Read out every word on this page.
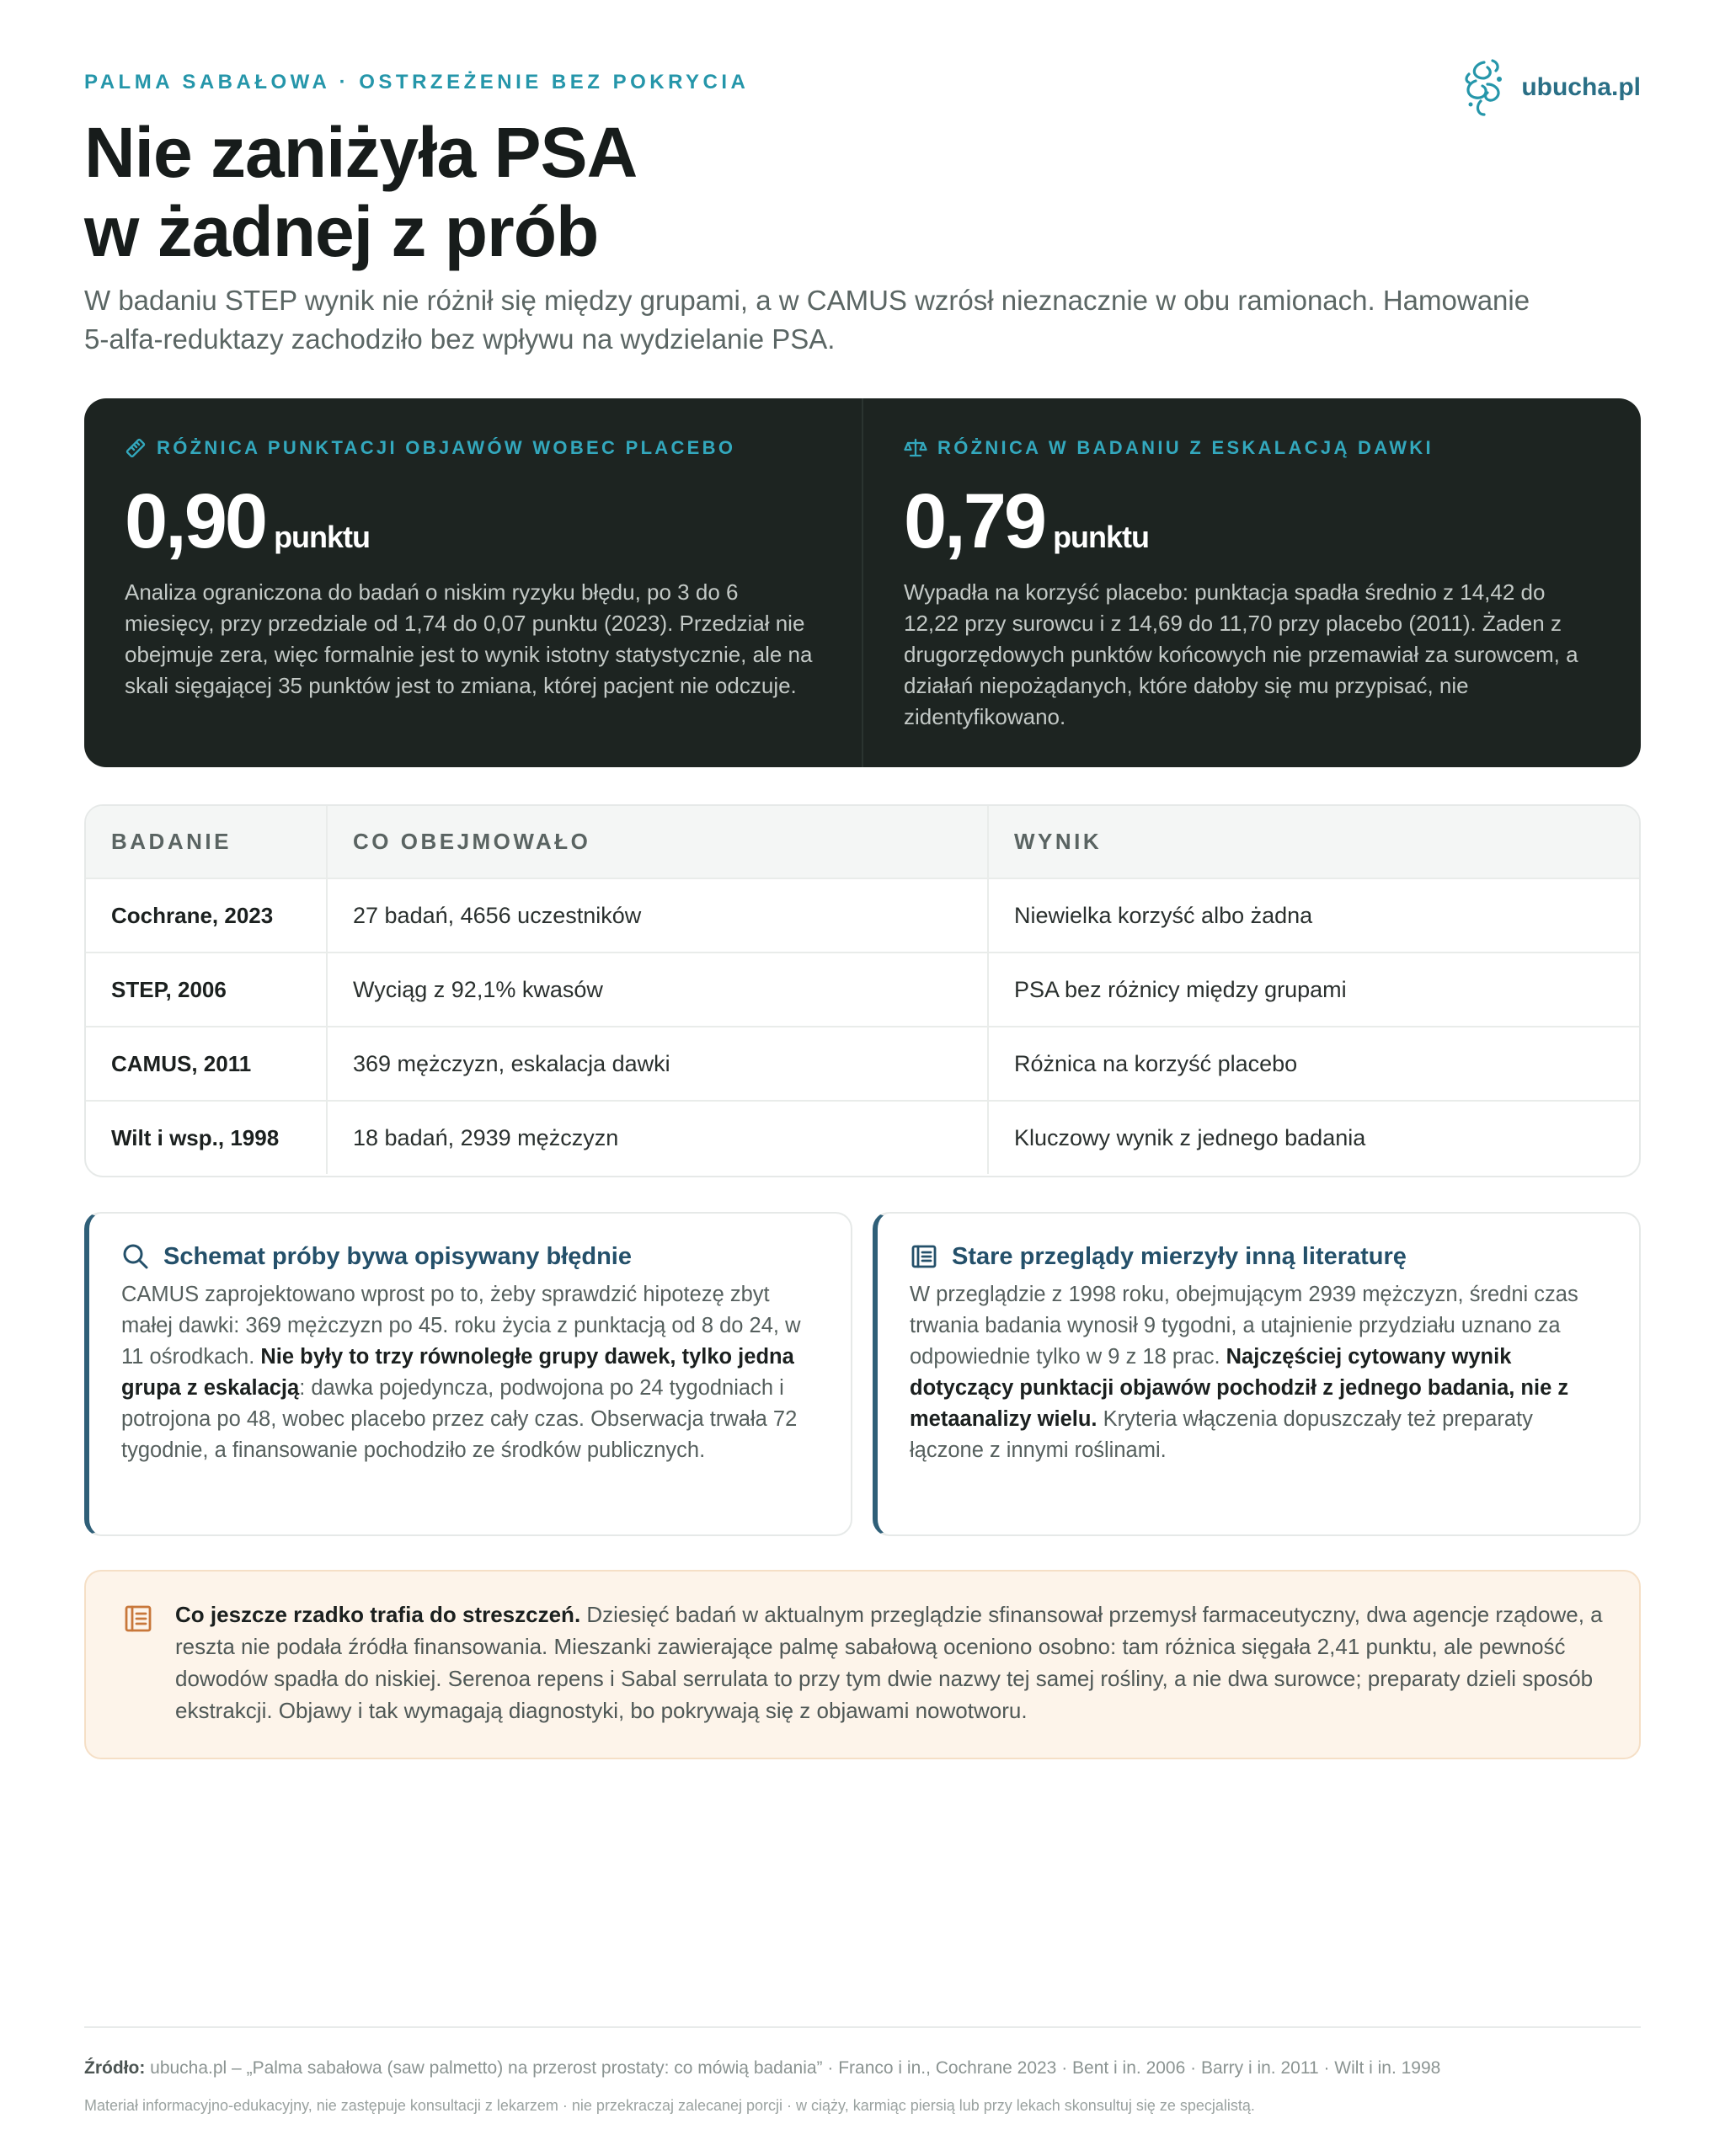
PALMA SABAŁOWA · OSTRZEŻENIE BEZ POKRYCIA	ubucha.pl
Nie zaniżyła PSA
w żadnej z prób

W badaniu STEP wynik nie różnił się między grupami, a w CAMUS wzrósł nieznacznie w obu ramionach. Hamowanie 5‑alfa‑reduktazy zachodziło bez wpływu na wydzielanie PSA.

RÓŻNICA PUNKTACJI OBJAWÓW WOBEC PLACEBO
0,90 punktu

Analiza ograniczona do badań o niskim ryzyku błędu, po 3 do 6 miesięcy, przy przedziale od 1,74 do 0,07 punktu (2023). Przedział nie obejmuje zera, więc formalnie jest to wynik istotny statystycznie, ale na skali sięgającej 35 punktów jest to zmiana, której pacjent nie odczuje.

RÓŻNICA W BADANIU Z ESKALACJĄ DAWKI
0,79 punktu

Wypadła na korzyść placebo: punktacja spadła średnio z 14,42 do 12,22 przy surowcu i z 14,69 do 11,70 przy placebo (2011). Żaden z drugorzędowych punktów końcowych nie przemawiał za surowcem, a działań niepożądanych, które dałoby się mu przypisać, nie zidentyfikowano.

BADANIE	CO OBEJMOWAŁO	WYNIK
Cochrane, 2023	27 badań, 4656 uczestników	Niewielka korzyść albo żadna
STEP, 2006	Wyciąg z 92,1% kwasów	PSA bez różnicy między grupami
CAMUS, 2011	369 mężczyzn, eskalacja dawki	Różnica na korzyść placebo
Wilt i wsp., 1998	18 badań, 2939 mężczyzn	Kluczowy wynik z jednego badania
Schemat próby bywa opisywany błędnie

CAMUS zaprojektowano wprost po to, żeby sprawdzić hipotezę zbyt małej dawki: 369 mężczyzn po 45. roku życia z punktacją od 8 do 24, w 11 ośrodkach. Nie były to trzy równoległe grupy dawek, tylko jedna grupa z eskalacją: dawka pojedyncza, podwojona po 24 tygodniach i potrojona po 48, wobec placebo przez cały czas. Obserwacja trwała 72 tygodnie, a finansowanie pochodziło ze środków publicznych.

Stare przeglądy mierzyły inną literaturę

W przeglądzie z 1998 roku, obejmującym 2939 mężczyzn, średni czas trwania badania wynosił 9 tygodni, a utajnienie przydziału uznano za odpowiednie tylko w 9 z 18 prac. Najczęściej cytowany wynik dotyczący punktacji objawów pochodził z jednego badania, nie z metaanalizy wielu. Kryteria włączenia dopuszczały też preparaty łączone z innymi roślinami.

Co jeszcze rzadko trafia do streszczeń. Dziesięć badań w aktualnym przeglądzie sfinansował przemysł farmaceutyczny, dwa agencje rządowe, a reszta nie podała źródła finansowania. Mieszanki zawierające palmę sabałową oceniono osobno: tam różnica sięgała 2,41 punktu, ale pewność dowodów spadła do niskiej. Serenoa repens i Sabal serrulata to przy tym dwie nazwy tej samej rośliny, a nie dwa surowce; preparaty dzieli sposób ekstrakcji. Objawy i tak wymagają diagnostyki, bo pokrywają się z objawami nowotworu.

Źródło: ubucha.pl – „Palma sabałowa (saw palmetto) na przerost prostaty: co mówią badania” · Franco i in., Cochrane 2023 · Bent i in. 2006 · Barry i in. 2011 · Wilt i in. 1998

Materiał informacyjno‑edukacyjny, nie zastępuje konsultacji z lekarzem · nie przekraczaj zalecanej porcji · w ciąży, karmiąc piersią lub przy lekach skonsultuj się ze specjalistą.
